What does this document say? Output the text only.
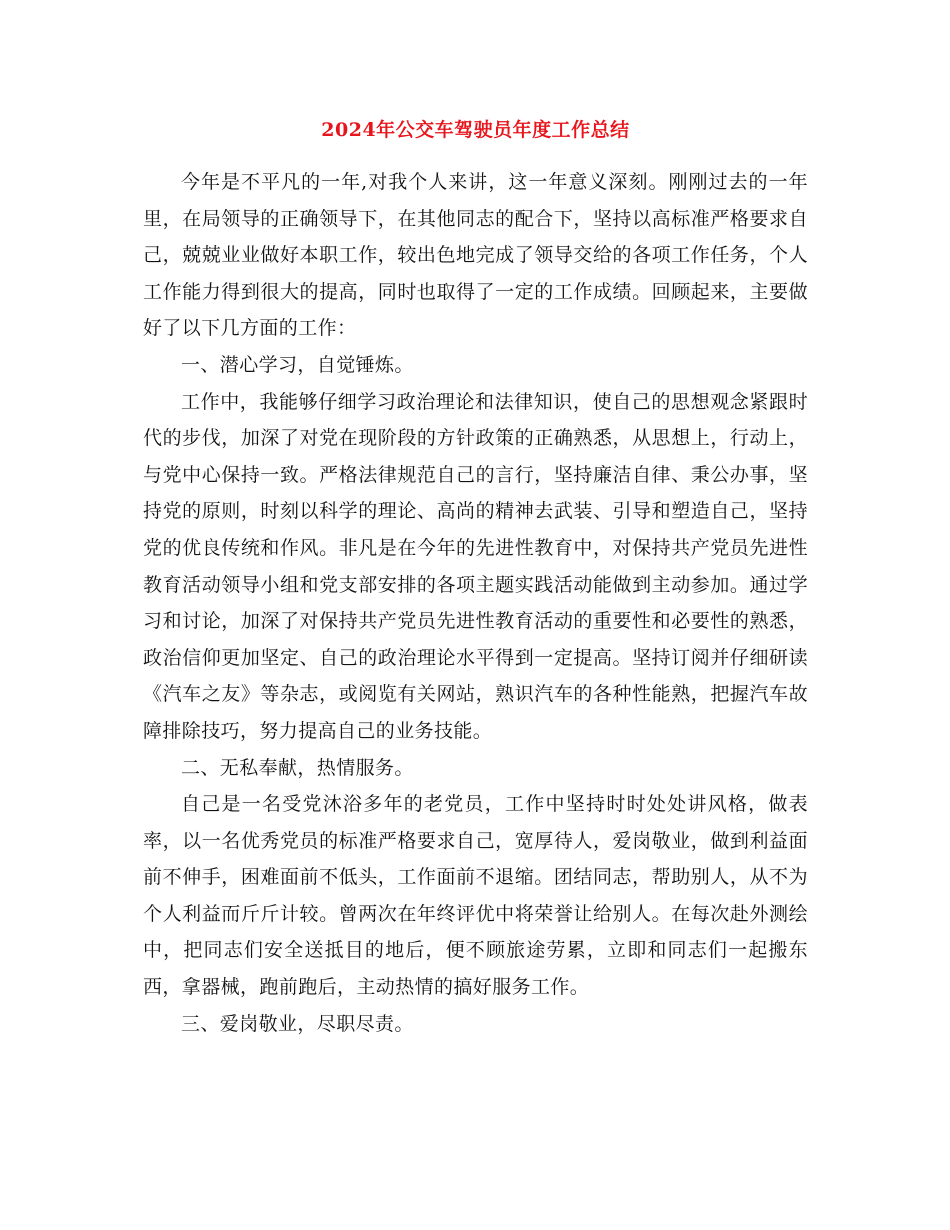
2024年公交车驾驶员年度工作总结

今年是不平凡的一年,对我个人来讲，这一年意义深刻。刚刚过去的一年里，在局领导的正确领导下，在其他同志的配合下，坚持以高标准严格要求自己，兢兢业业做好本职工作，较出色地完成了领导交给的各项工作任务，个人工作能力得到很大的提高，同时也取得了一定的工作成绩。回顾起来，主要做好了以下几方面的工作：

一、潜心学习，自觉锤炼。

工作中，我能够仔细学习政治理论和法律知识，使自己的思想观念紧跟时代的步伐，加深了对党在现阶段的方针政策的正确熟悉，从思想上，行动上，与党中心保持一致。严格法律规范自己的言行，坚持廉洁自律、秉公办事，坚持党的原则，时刻以科学的理论、高尚的精神去武装、引导和塑造自己，坚持党的优良传统和作风。非凡是在今年的先进性教育中，对保持共产党员先进性教育活动领导小组和党支部安排的各项主题实践活动能做到主动参加。通过学习和讨论，加深了对保持共产党员先进性教育活动的重要性和必要性的熟悉，政治信仰更加坚定、自己的政治理论水平得到一定提高。坚持订阅并仔细研读《汽车之友》等杂志，或阅览有关网站，熟识汽车的各种性能熟，把握汽车故障排除技巧，努力提高自己的业务技能。

二、无私奉献，热情服务。

自己是一名受党沐浴多年的老党员，工作中坚持时时处处讲风格，做表率，以一名优秀党员的标准严格要求自己，宽厚待人，爱岗敬业，做到利益面前不伸手，困难面前不低头，工作面前不退缩。团结同志，帮助别人，从不为个人利益而斤斤计较。曾两次在年终评优中将荣誉让给别人。在每次赴外测绘中，把同志们安全送抵目的地后，便不顾旅途劳累，立即和同志们一起搬东西，拿器械，跑前跑后，主动热情的搞好服务工作。

三、爱岗敬业，尽职尽责。
